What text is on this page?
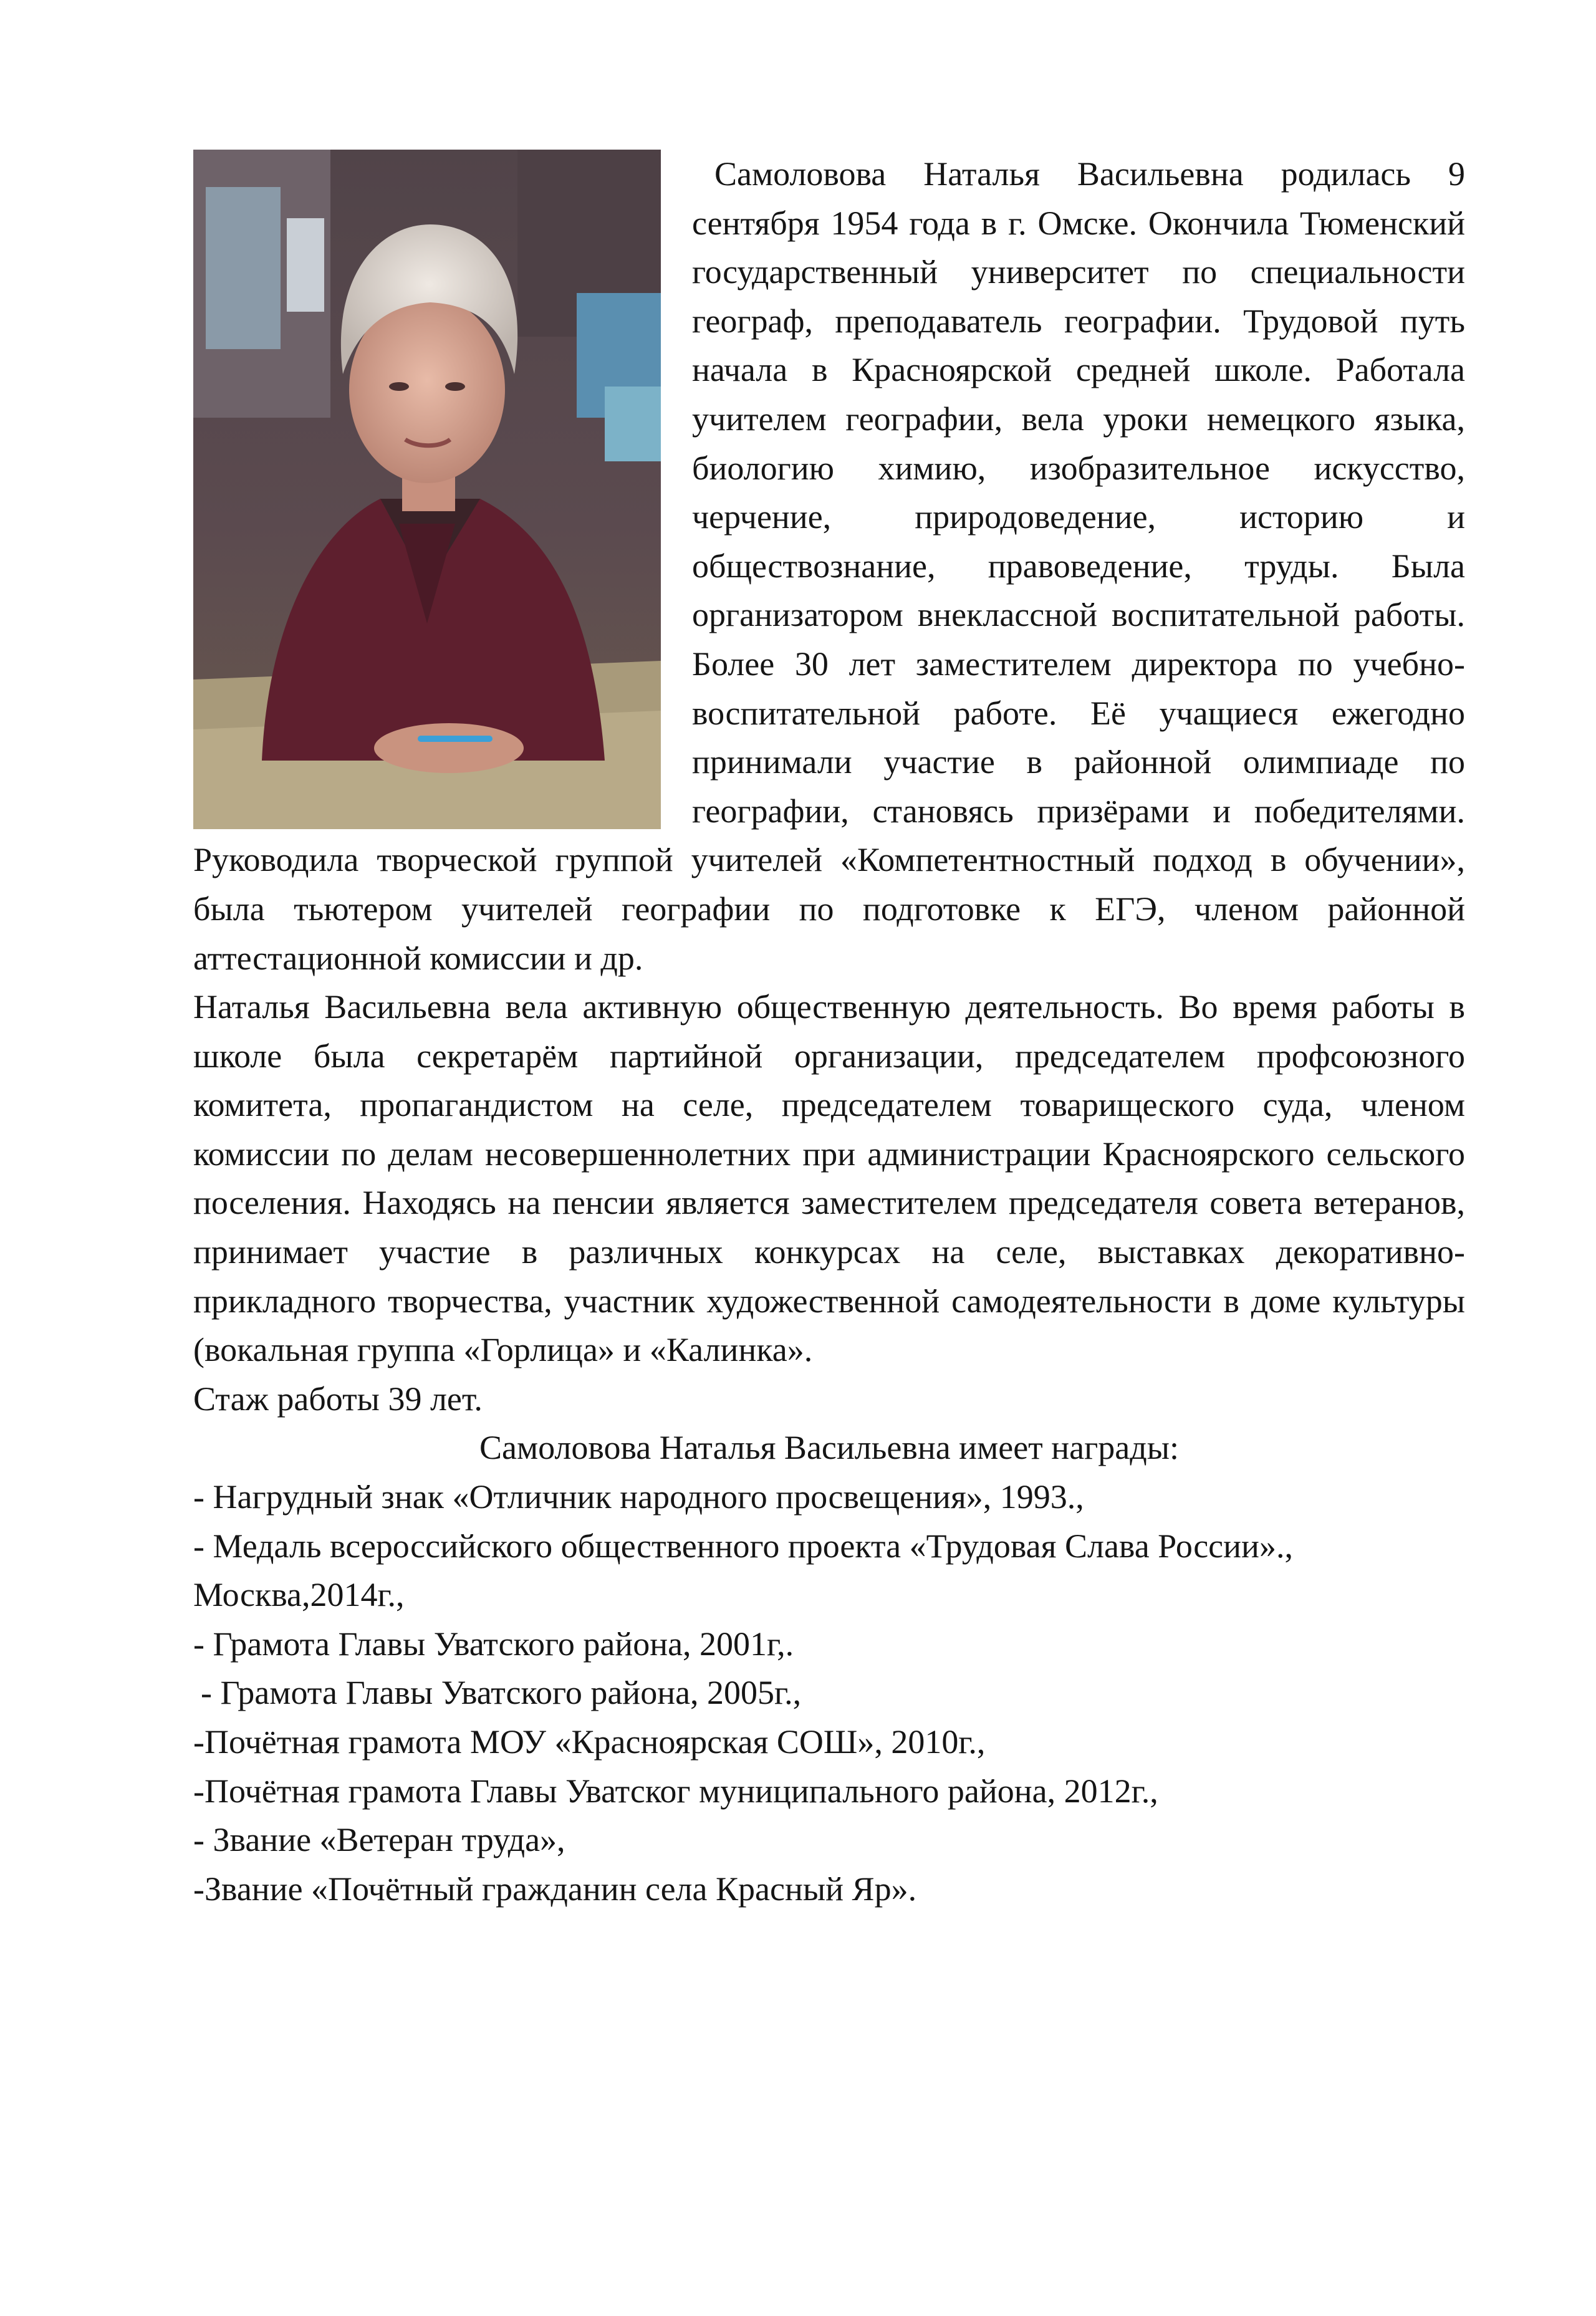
Самоловова Наталья Васильевна родилась 9 сентября 1954 года в г. Омске. Окончила Тюменский государственный университет по специальности географ, преподаватель географии. Трудовой путь начала в Красноярской средней школе. Работала учителем географии, вела уроки немецкого языка, биологию химию, изобразительное искусство, черчение, природоведение, историю и обществознание, правоведение, труды. Была организатором внеклассной воспитательной работы. Более 30 лет заместителем директора по учебно- воспитательной работе. Её учащиеся ежегодно принимали участие в районной олимпиаде по географии, становясь призёрами и победителями. Руководила творческой группой учителей «Компетентностный подход в обучении», была тьютером учителей географии по подготовке к ЕГЭ, членом районной аттестационной комиссии и др.

Наталья Васильевна вела активную общественную деятельность. Во время работы в школе была секретарём партийной организации, председателем профсоюзного комитета, пропагандистом на селе, председателем товарищеского суда, членом комиссии по делам несовершеннолетних при администрации Красноярского сельского поселения. Находясь на пенсии является заместителем председателя совета ветеранов, принимает участие в различных конкурсах на селе, выставках декоративно- прикладного творчества, участник художественной самодеятельности в доме культуры (вокальная группа «Горлица» и «Калинка».

Стаж работы 39 лет.

Самоловова Наталья Васильевна имеет награды:

- Нагрудный знак «Отличник народного просвещения», 1993.,
- Медаль всероссийского общественного проекта «Трудовая Слава России»., Москва,2014г.,
- Грамота Главы Уватского района, 2001г,.
- Грамота Главы Уватского района, 2005г.,
-Почётная грамота МОУ «Красноярская СОШ», 2010г.,
-Почётная грамота Главы Уватског муниципального района, 2012г.,
- Звание «Ветеран труда»,
-Звание «Почётный гражданин села Красный Яр».
